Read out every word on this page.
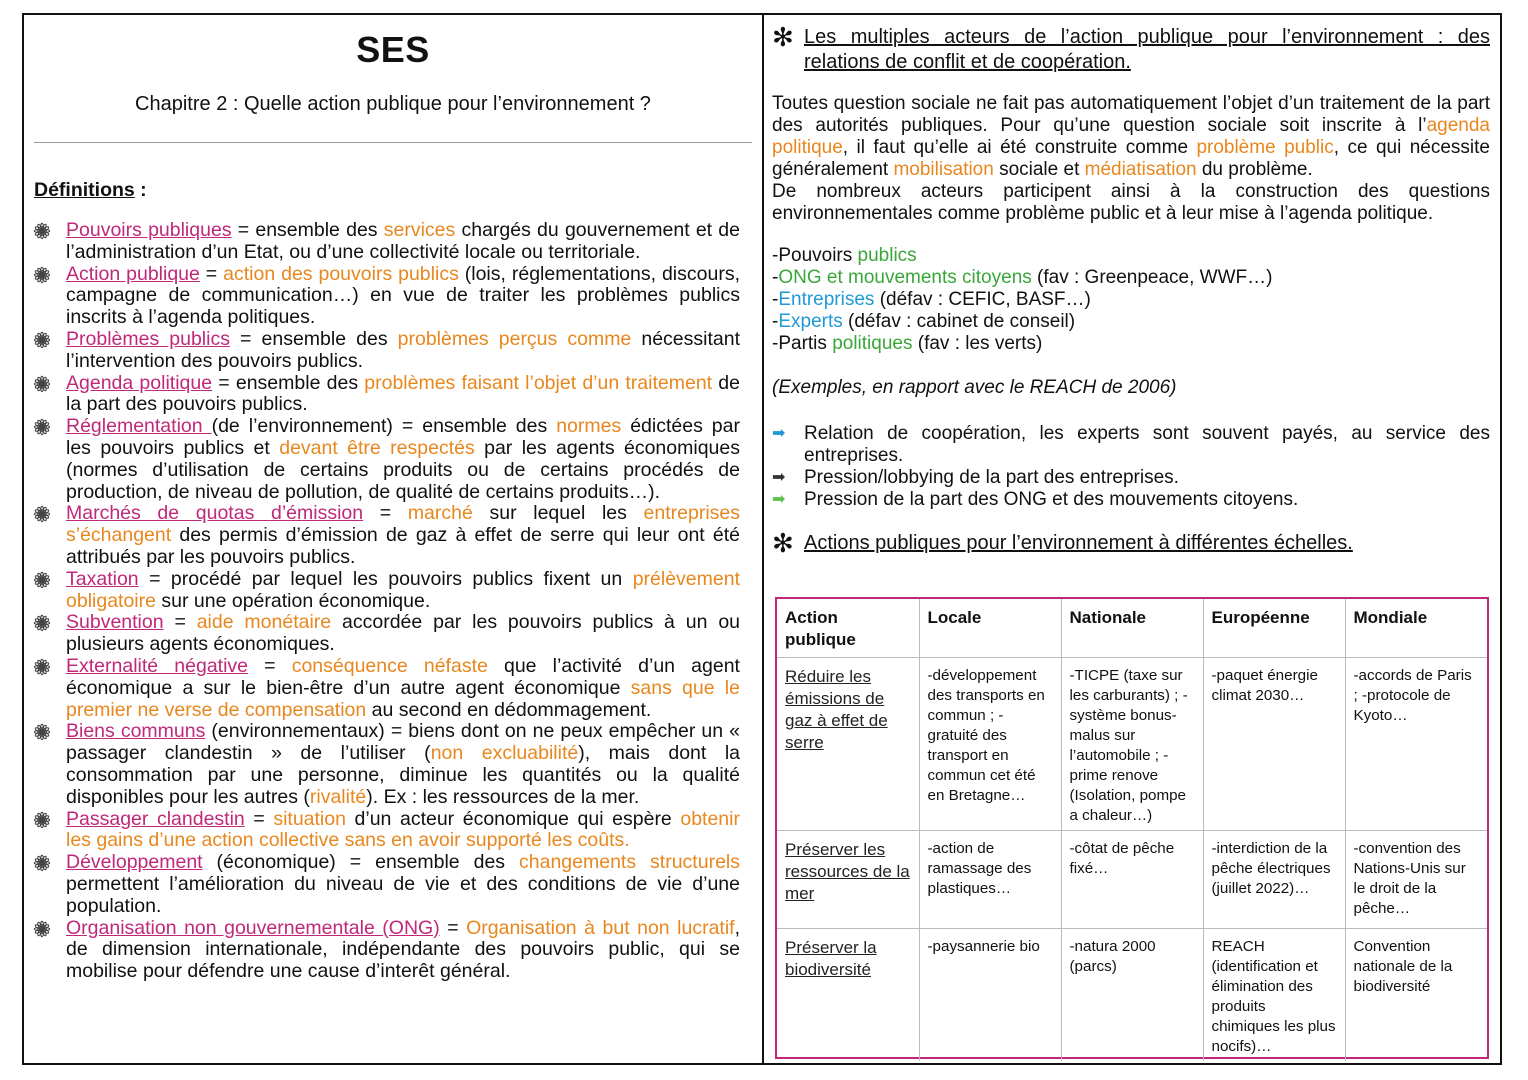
SES
Chapitre 2 : Quelle action publique pour l’environnement ?
Définitions :
Pouvoirs publiques = ensemble des services chargés du gouvernement et de l’administration d’un Etat, ou d’une collectivité locale ou territoriale.
Action publique = action des pouvoirs publics (lois, réglementations, discours, campagne de communication…) en vue de traiter les problèmes publics inscrits à l’agenda politiques.
Problèmes publics = ensemble des problèmes perçus comme nécessitant l’intervention des pouvoirs publics.
Agenda politique = ensemble des problèmes faisant l’objet d’un traitement de la part des pouvoirs publics.
Réglementation (de l’environnement) = ensemble des normes édictées par les pouvoirs publics et devant être respectés par les agents économiques (normes d’utilisation de certains produits ou de certains procédés de production, de niveau de pollution, de qualité de certains produits…).
Marchés de quotas d’émission = marché sur lequel les entreprises s’échangent des permis d’émission de gaz à effet de serre qui leur ont été attribués par les pouvoirs publics.
Taxation = procédé par lequel les pouvoirs publics fixent un prélèvement obligatoire sur une opération économique.
Subvention = aide monétaire accordée par les pouvoirs publics à un ou plusieurs agents économiques.
Externalité négative = conséquence néfaste que l’activité d’un agent économique a sur le bien-être d’un autre agent économique sans que le premier ne verse de compensation au second en dédommagement.
Biens communs (environnementaux) = biens dont on ne peux empêcher un « passager clandestin » de l’utiliser (non excluabilité), mais dont la consommation par une personne, diminue les quantités ou la qualité disponibles pour les autres (rivalité). Ex : les ressources de la mer.
Passager clandestin = situation d’un acteur économique qui espère obtenir les gains d’une action collective sans en avoir supporté les coûts.
Développement (économique) = ensemble des changements structurels permettent l’amélioration du niveau de vie et des conditions de vie d’une population.
Organisation non gouvernementale (ONG) = Organisation à but non lucratif, de dimension internationale, indépendante des pouvoirs public, qui se mobilise pour défendre une cause d’interêt général.
✻ Les multiples acteurs de l’action publique pour l’environnement : des relations de conflit et de coopération.
Toutes question sociale ne fait pas automatiquement l’objet d’un traitement de la part des autorités publiques. Pour qu’une question sociale soit inscrite à l’agenda politique, il faut qu’elle ai été construite comme problème public, ce qui nécessite généralement mobilisation sociale et médiatisation du problème.
De nombreux acteurs participent ainsi à la construction des questions environnementales comme problème public et à leur mise à l’agenda politique.
-Pouvoirs publics
-ONG et mouvements citoyens (fav : Greenpeace, WWF…)
-Entreprises (défav : CEFIC, BASF…)
-Experts (défav : cabinet de conseil)
-Partis politiques (fav : les verts)
(Exemples, en rapport avec le REACH de 2006)
➡ Relation de coopération, les experts sont souvent payés, au service des entreprises.
➡ Pression/lobbying de la part des entreprises.
➡ Pression de la part des ONG et des mouvements citoyens.
✻ Actions publiques pour l’environnement à différentes échelles.
Action publique	Locale	Nationale	Européenne	Mondiale
Réduire les émissions de gaz à effet de serre	-développement des transports en commun ; -gratuité des transport en commun cet été en Bretagne…	-TICPE (taxe sur les carburants) ; -système bonus-malus sur l’automobile ; -prime renove (Isolation, pompe a chaleur…)	-paquet énergie climat 2030…	-accords de Paris ; -protocole de Kyoto…
Préserver les ressources de la mer	-action de ramassage des plastiques…	-côtat de pêche fixé…	-interdiction de la pêche électriques (juillet 2022)…	-convention des Nations-Unis sur le droit de la pêche…
Préserver la biodiversité	-paysannerie bio	-natura 2000 (parcs)	REACH (identification et élimination des produits chimiques les plus nocifs)…	Convention nationale de la biodiversité
